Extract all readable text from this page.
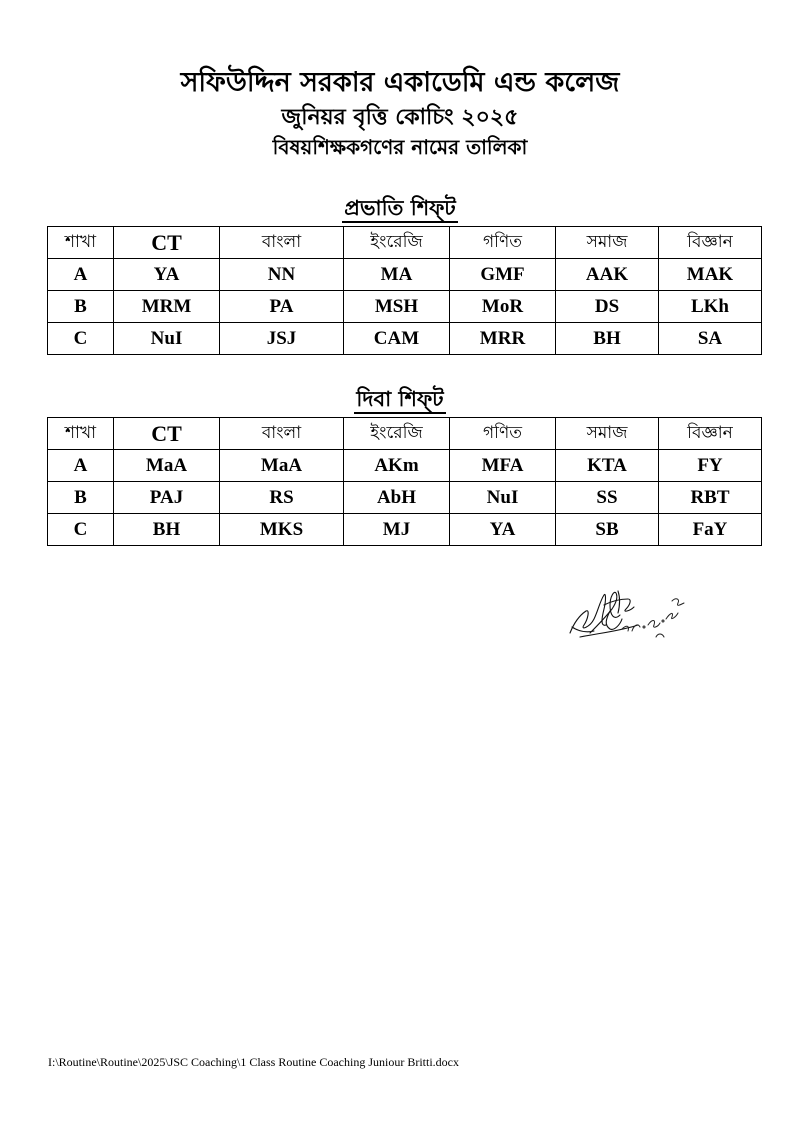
সফিউদ্দিন সরকার একাডেমি এন্ড কলেজ
জুনিয়র বৃত্তি কোচিং ২০২৫
বিষয়শিক্ষকগণের নামের তালিকা
প্রভাতি শিফ্‌ট
শাখা	CT	বাংলা	ইংরেজি	গণিত	সমাজ	বিজ্ঞান
A	YA	NN	MA	GMF	AAK	MAK
B	MRM	PA	MSH	MoR	DS	LKh
C	NuI	JSJ	CAM	MRR	BH	SA
দিবা শিফ্‌ট
শাখা	CT	বাংলা	ইংরেজি	গণিত	সমাজ	বিজ্ঞান
A	MaA	MaA	AKm	MFA	KTA	FY
B	PAJ	RS	AbH	NuI	SS	RBT
C	BH	MKS	MJ	YA	SB	FaY
I:\Routine\Routine\2025\JSC Coaching\1 Class Routine Coaching Juniour Britti.docx
